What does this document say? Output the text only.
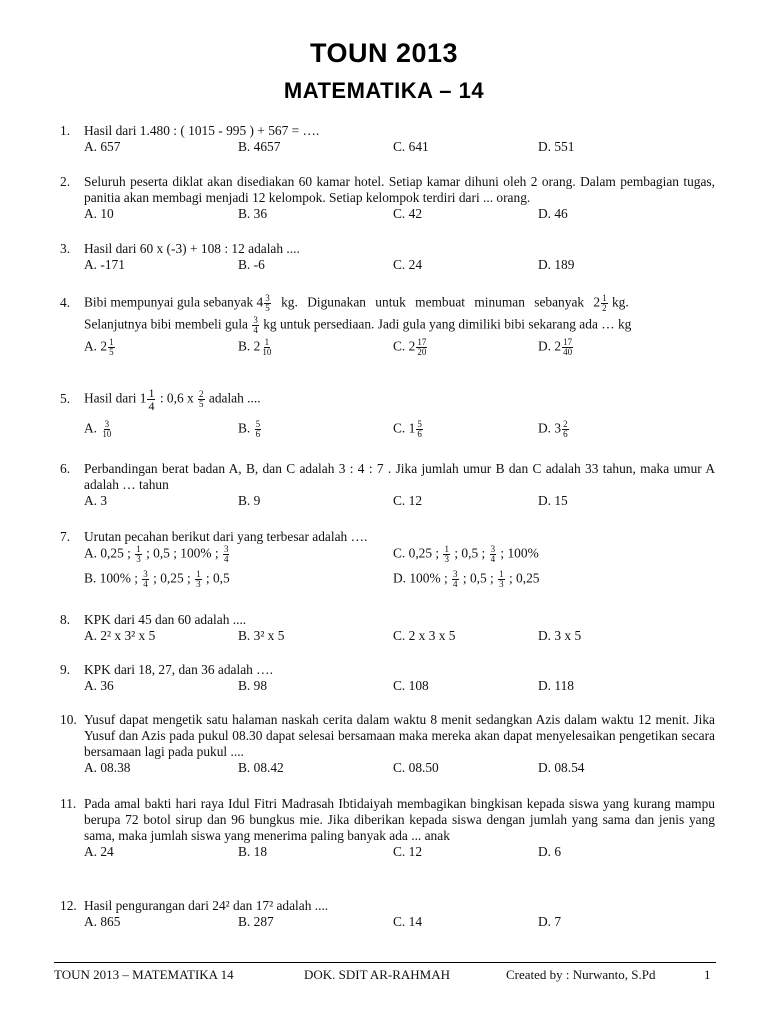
TOUN 2013
MATEMATIKA – 14
1.	Hasil dari 1.480 : ( 1015 - 995 ) + 567 = ….
A. 657	B. 4657	C. 641	D. 551
2.	Seluruh peserta diklat akan disediakan 60 kamar hotel. Setiap kamar dihuni oleh 2 orang. Dalam pembagian tugas, panitia akan membagi menjadi 12 kelompok. Setiap kelompok terdiri dari ... orang.
A. 10	B. 36	C. 42	D. 46
3.	Hasil dari 60 x (-3) + 108 : 12 adalah ....
A. -171	B. -6	C. 24	D. 189
4.	Bibi mempunyai gula sebanyak $4 \frac{3}{5}$ kg. Digunakan untuk membuat minuman sebanyak $2 \frac{1}{2}$ kg.
Selanjutnya bibi membeli gula $\frac{3}{4}$ kg untuk persediaan. Jadi gula yang dimiliki bibi sekarang ada … kg
A. $2 \frac{1}{5}$	B. $2 \frac{1}{10}$	C. $2 \frac{17}{20}$	D. $2 \frac{17}{40}$
5.	Hasil dari $1 \frac{1}{4}$ : 0,6 x $\frac{2}{5}$ adalah ....
A. $\frac{3}{10}$	B. $\frac{5}{6}$	C. $1 \frac{5}{6}$	D. $3 \frac{2}{6}$
6.	Perbandingan berat badan A, B, dan C adalah 3 : 4 : 7 . Jika jumlah umur B dan C adalah 33 tahun, maka umur A adalah … tahun
A. 3	B. 9	C. 12	D. 15
7.	Urutan pecahan berikut dari yang terbesar adalah ….
A. 0,25 ; $\frac{1}{3}$ ; 0,5 ; 100% ; $\frac{3}{4}$	C. 0,25 ; $\frac{1}{3}$ ; 0,5 ; $\frac{3}{4}$ ; 100%
B. 100% ; $\frac{3}{4}$ ; 0,25 ; $\frac{1}{3}$ ; 0,5	D. 100% ; $\frac{3}{4}$ ; 0,5 ; $\frac{1}{3}$ ; 0,25
8.	KPK dari 45 dan 60 adalah ....
A. 2² x 3² x 5	B. 3² x 5	C. 2 x 3 x 5	D. 3 x 5
9.	KPK dari 18, 27, dan 36 adalah ….
A. 36	B. 98	C. 108	D. 118
10. Yusuf dapat mengetik satu halaman naskah cerita dalam waktu 8 menit sedangkan Azis dalam waktu 12 menit. Jika Yusuf dan Azis pada pukul 08.30 dapat selesai bersamaan maka mereka akan dapat menyelesaikan pengetikan secara bersamaan lagi pada pukul ....
A. 08.38	B. 08.42	C. 08.50	D. 08.54
11. Pada amal bakti hari raya Idul Fitri Madrasah Ibtidaiyah membagikan bingkisan kepada siswa yang kurang mampu berupa 72 botol sirup dan 96 bungkus mie. Jika diberikan kepada siswa dengan jumlah yang sama dan jenis yang sama, maka jumlah siswa yang menerima paling banyak ada ... anak
A. 24	B. 18	C. 12	D. 6
12. Hasil pengurangan dari 24² dan 17² adalah ....
A. 865	B. 287	C. 14	D. 7
TOUN 2013 – MATEMATIKA 14	DOK. SDIT AR-RAHMAH	Created by : Nurwanto, S.Pd	1
